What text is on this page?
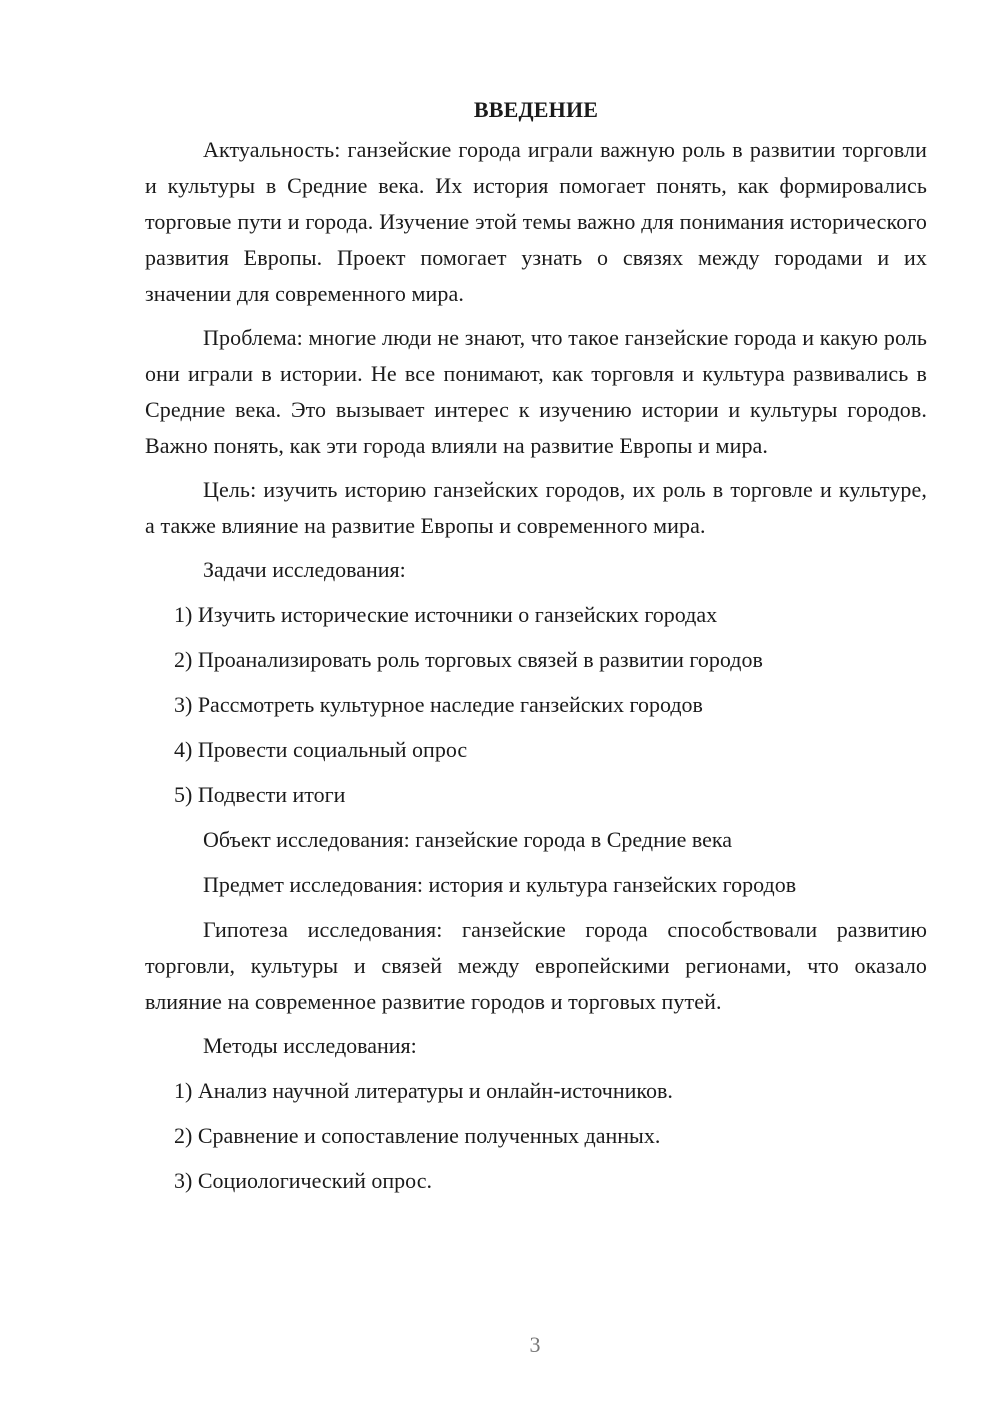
ВВЕДЕНИЕ

Актуальность: ганзейские города играли важную роль в развитии торговли и культуры в Средние века. Их история помогает понять, как формировались торговые пути и города. Изучение этой темы важно для понимания исторического развития Европы. Проект помогает узнать о связях между городами и их значении для современного мира.

Проблема: многие люди не знают, что такое ганзейские города и какую роль они играли в истории. Не все понимают, как торговля и культура развивались в Средние века. Это вызывает интерес к изучению истории и культуры городов. Важно понять, как эти города влияли на развитие Европы и мира.

Цель: изучить историю ганзейских городов, их роль в торговле и культуре, а также влияние на развитие Европы и современного мира.

Задачи исследования:
1) Изучить исторические источники о ганзейских городах
2) Проанализировать роль торговых связей в развитии городов
3) Рассмотреть культурное наследие ганзейских городов
4) Провести социальный опрос
5) Подвести итоги
Объект исследования: ганзейские города в Средние века
Предмет исследования: история и культура ганзейских городов

Гипотеза исследования: ганзейские города способствовали развитию торговли, культуры и связей между европейскими регионами, что оказало влияние на современное развитие городов и торговых путей.

Методы исследования:
1) Анализ научной литературы и онлайн-источников.
2) Сравнение и сопоставление полученных данных.
3) Социологический опрос.
3
